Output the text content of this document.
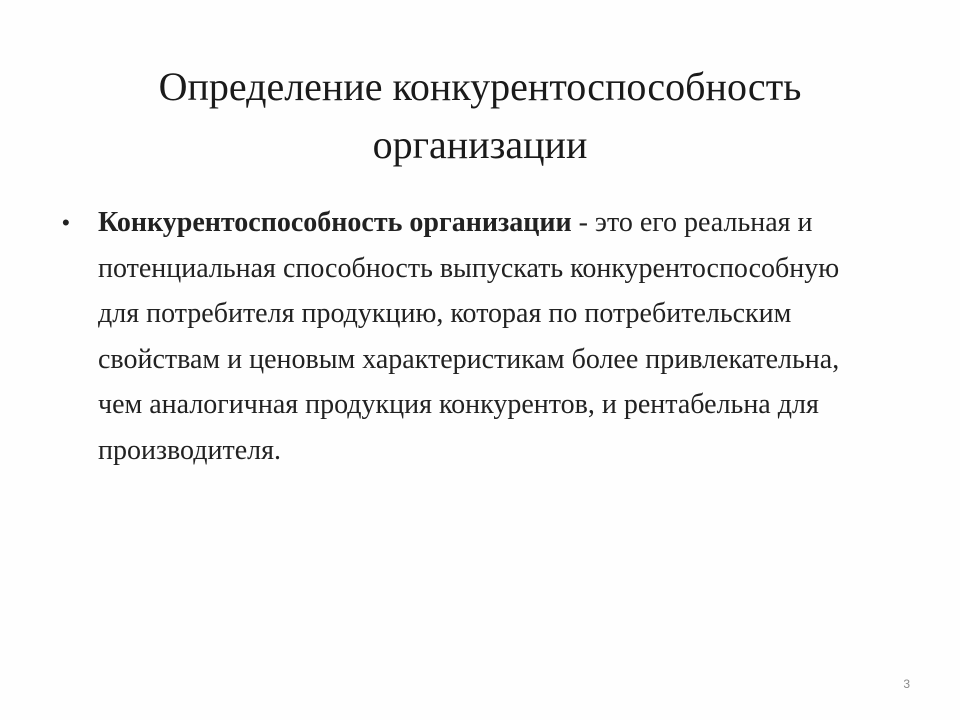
Определение конкурентоспособность
организации
• Конкурентоспособность организации - это его реальная и потенциальная способность выпускать конкурентоспособную для потребителя продукцию, которая по потребительским свойствам и ценовым характеристикам более привлекательна, чем аналогичная продукция конкурентов, и рентабельна для производителя.
3
